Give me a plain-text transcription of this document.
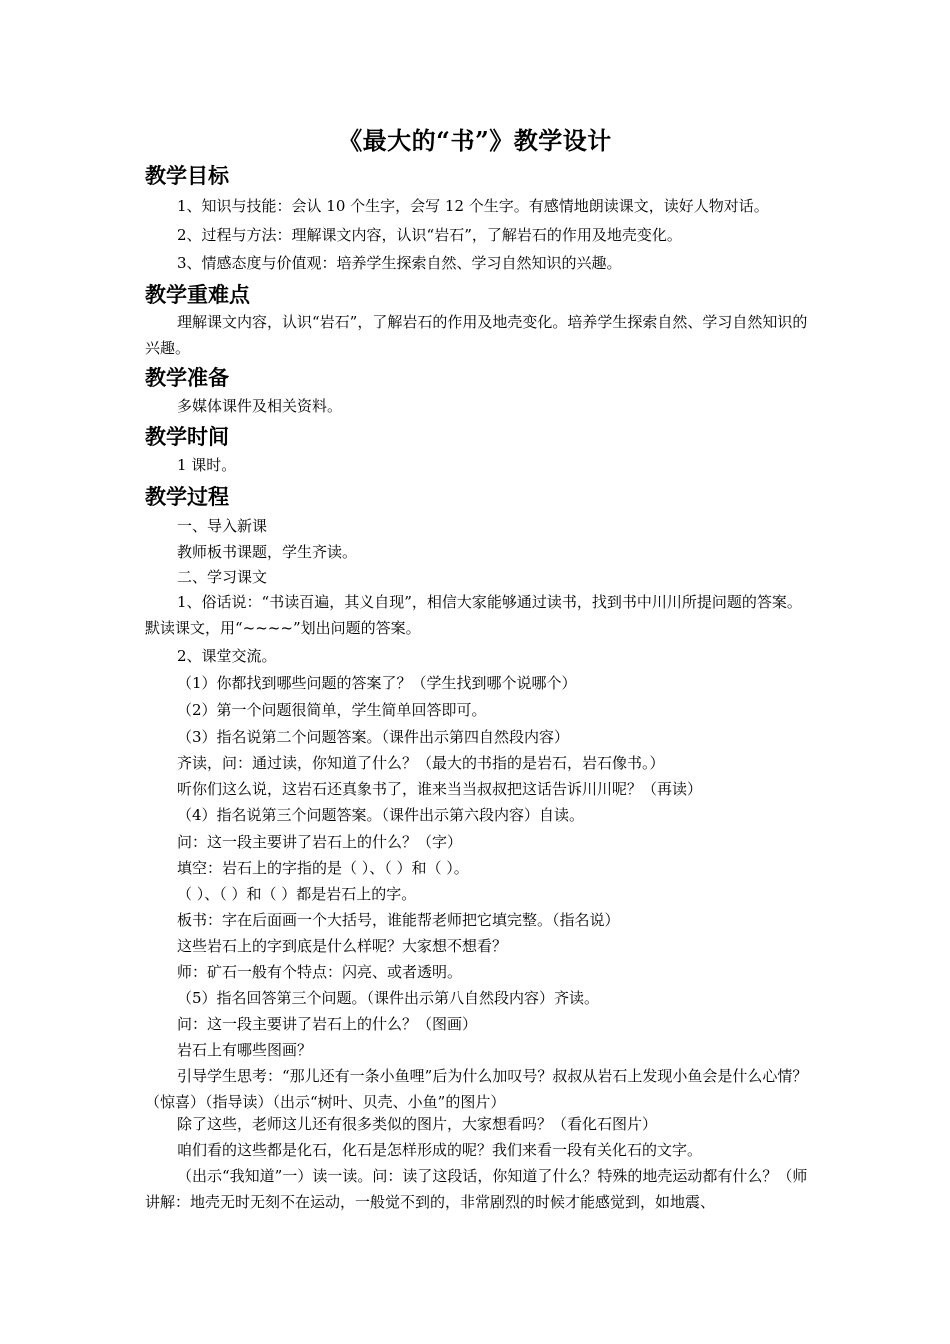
《最大的“书”》教学设计
教学目标
1、知识与技能：会认 10 个生字，会写 12 个生字。有感情地朗读课文，读好人物对话。
2、过程与方法：理解课文内容，认识“岩石”，了解岩石的作用及地壳变化。
3、情感态度与价值观：培养学生探索自然、学习自然知识的兴趣。
教学重难点
理解课文内容，认识“岩石”，了解岩石的作用及地壳变化。培养学生探索自然、学习自然知识的兴趣。
教学准备
多媒体课件及相关资料。
教学时间
1 课时。
教学过程
一、导入新课
教师板书课题，学生齐读。
二、学习课文
1、俗话说：“书读百遍，其义自现”，相信大家能够通过读书，找到书中川川所提问题的答案。默读课文，用“~~~~”划出问题的答案。
2、课堂交流。
（1）你都找到哪些问题的答案了？（学生找到哪个说哪个）
（2）第一个问题很简单，学生简单回答即可。
（3）指名说第二个问题答案。（课件出示第四自然段内容）
齐读，问：通过读，你知道了什么？（最大的书指的是岩石，岩石像书。）
听你们这么说，这岩石还真象书了，谁来当当叔叔把这话告诉川川呢？（再读）
（4）指名说第三个问题答案。（课件出示第六段内容）自读。
问：这一段主要讲了岩石上的什么？（字）
填空：岩石上的字指的是（ ）、（ ）和（ ）。
（ ）、（ ）和（ ）都是岩石上的字。
板书：字在后面画一个大括号，谁能帮老师把它填完整。（指名说）
这些岩石上的字到底是什么样呢？大家想不想看？
师：矿石一般有个特点：闪亮、或者透明。
（5）指名回答第三个问题。（课件出示第八自然段内容）齐读。
问：这一段主要讲了岩石上的什么？（图画）
岩石上有哪些图画？
引导学生思考：“那儿还有一条小鱼哩”后为什么加叹号？叔叔从岩石上发现小鱼会是什么心情？（惊喜）（指导读）（出示“树叶、贝壳、小鱼”的图片）
除了这些，老师这儿还有很多类似的图片，大家想看吗？（看化石图片）
咱们看的这些都是化石，化石是怎样形成的呢？我们来看一段有关化石的文字。
（出示“我知道”一）读一读。问：读了这段话，你知道了什么？特殊的地壳运动都有什么？（师讲解：地壳无时无刻不在运动，一般觉不到的，非常剧烈的时候才能感觉到，如地震、
